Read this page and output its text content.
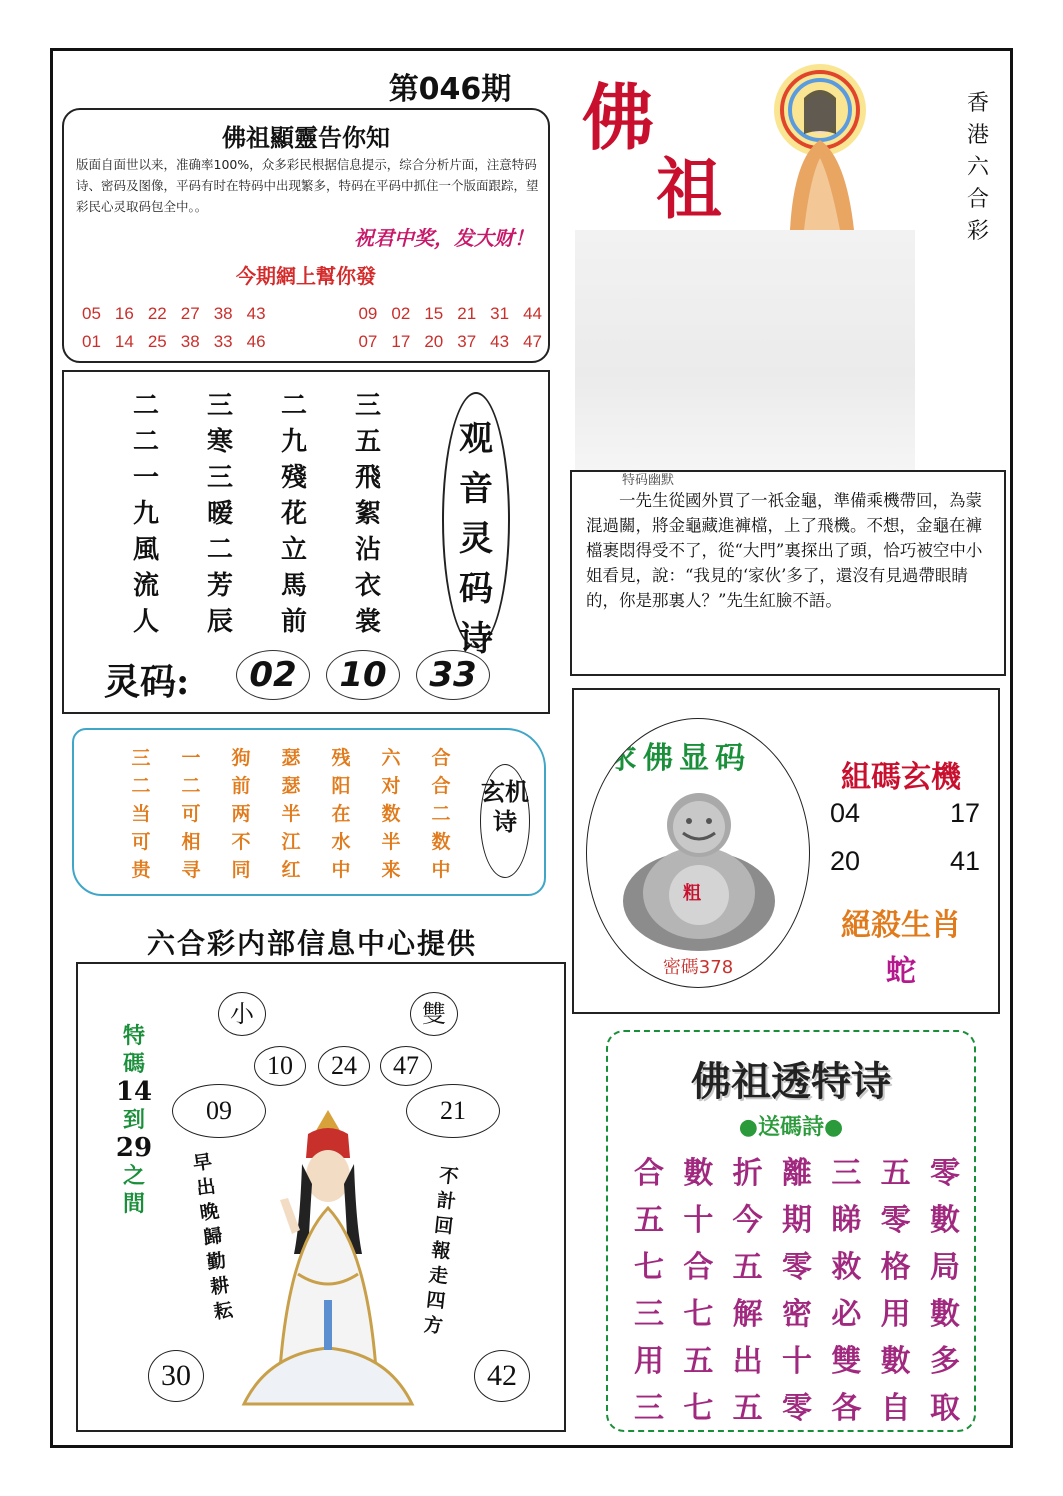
第046期 佛
祖
香
港
六
合
彩
佛祖顯靈告你知
版面自面世以来，准确率100%，众多彩民根据信息提示，综合分析片面，注意特码诗、密码及图像，平码有时在特码中出现繁多，特码在平码中抓住一个版面跟踪，望彩民心灵取码包全中。。
祝君中奖，发大财！
今期網上幫你發
05 16 22 27 38 43	09 02 15 21 31 44
01 14 25 38 33 46	07 17 20 37 43 47
二二一九風流人
三寒三暧二芳辰
二九殘花立馬前
三五飛絮沾衣裳
观音灵码诗
灵码:	02	10	33
特码幽默
一先生從國外買了一祇金龜，準備乘機帶回，為蒙混過關，將金龜藏進褲檔，上了飛機。不想，金龜在褲檔裹悶得受不了，從“大門”裏探出了頭，恰巧被空中小姐看見，說：“我見的‘家伙’多了，還沒有見過帶眼睛的，你是那裏人？”先生紅臉不語。
三二当可贵
一二可相寻
狗前两不同
瑟瑟半江红
残阳在水中
六对数半来
合合二数中
玄机诗
六合彩内部信息中心提供
求佛显码
粗
密碼378
組碼玄機
04	17
20	41
絕殺生肖
蛇
小	雙
10	24	47
09	21
特
碼
14
到
29
之
間
早出晚歸勤耕耘
不計回報走四方
30	42
佛祖透特诗
●送碼詩●
合 數 折 離 三 五 零
五 十 今 期 睇 零 數
七 合 五 零 救 格 局
三 七 解 密 必 用 數
用 五 出 十 雙 數 多
三 七 五 零 各 自 取
